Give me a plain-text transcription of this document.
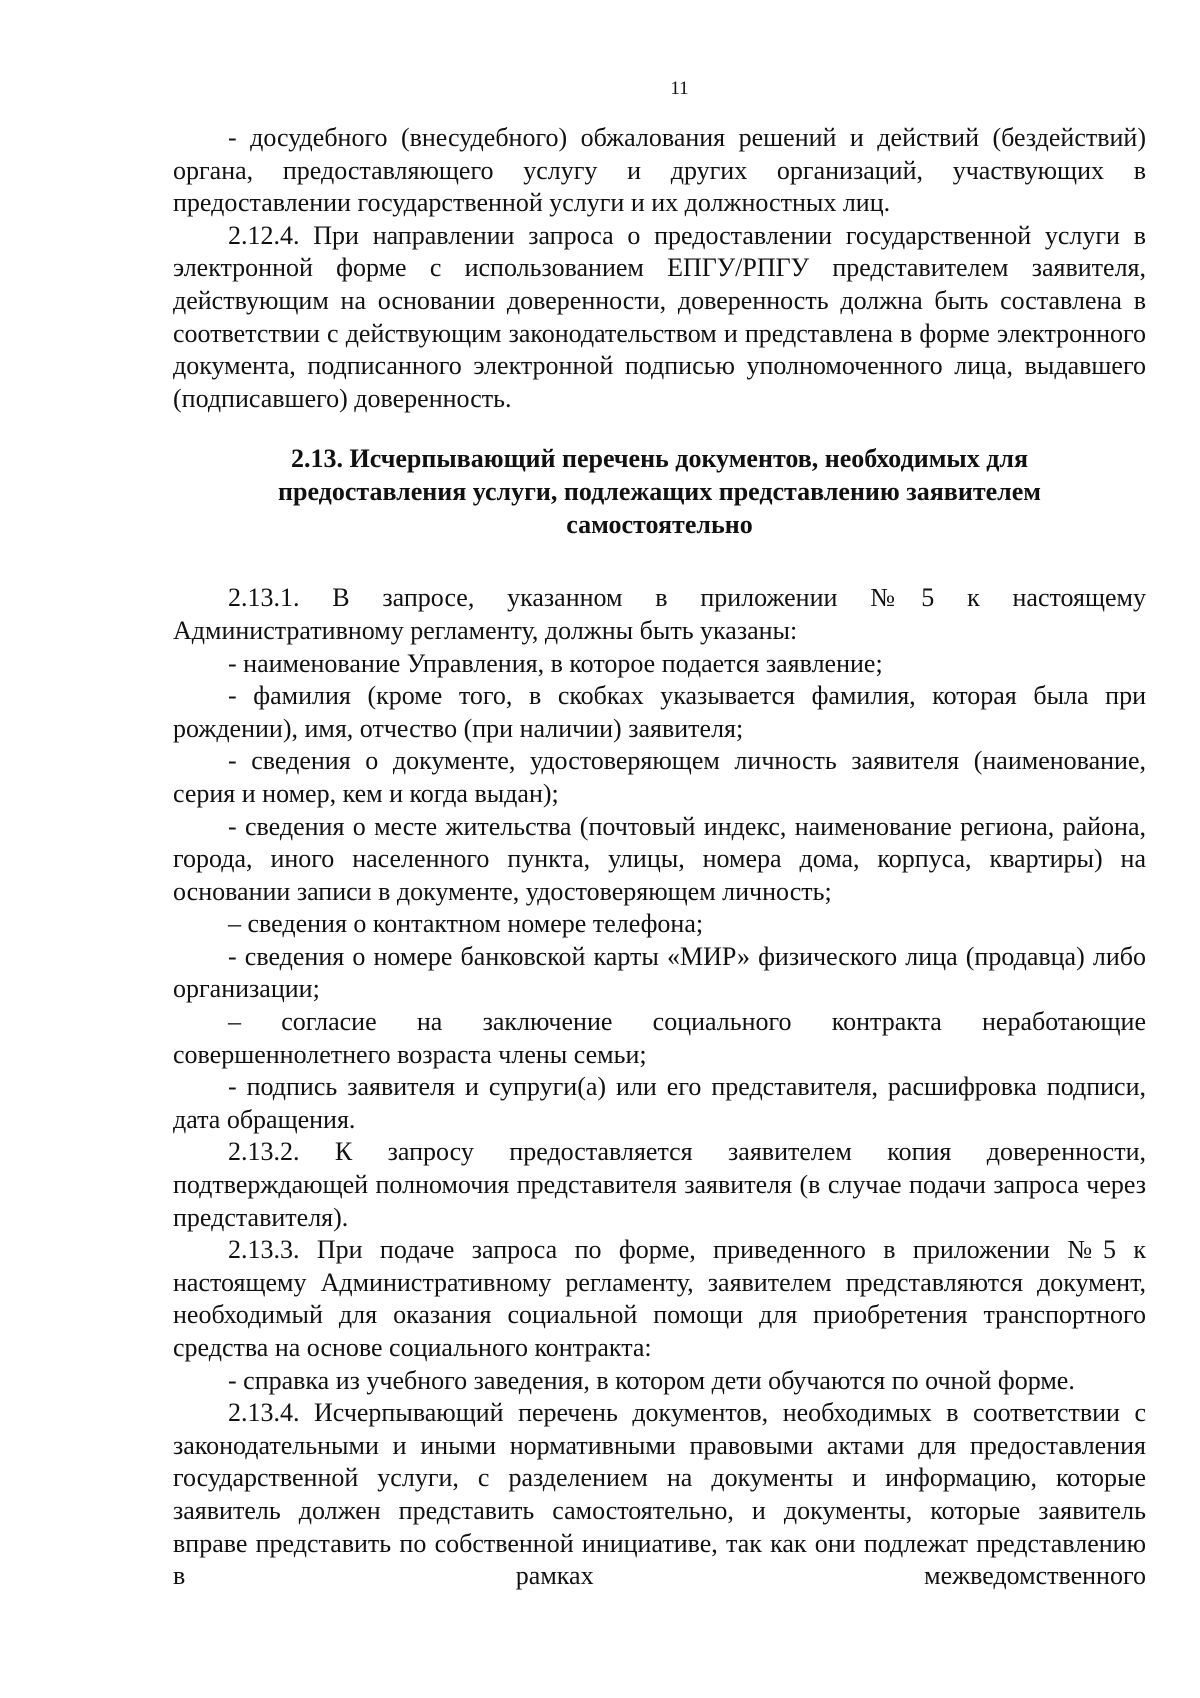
11

- досудебного (внесудебного) обжалования решений и действий (бездействий) органа, предоставляющего услугу и других организаций, участвующих в предоставлении государственной услуги и их должностных лиц.

2.12.4. При направлении запроса о предоставлении государственной услуги в электронной форме с использованием ЕПГУ/РПГУ представителем заявителя, действующим на основании доверенности, доверенность должна быть составлена в соответствии с действующим законодательством и представлена в форме электронного документа, подписанного электронной подписью уполномоченного лица, выдавшего (подписавшего) доверенность.

2.13. Исчерпывающий перечень документов, необходимых для
предоставления услуги, подлежащих представлению заявителем
самостоятельно

2.13.1. В запросе, указанном в приложении №5 к настоящему Административному регламенту, должны быть указаны:

- наименование Управления, в которое подается заявление;

- фамилия (кроме того, в скобках указывается фамилия, которая была при рождении), имя, отчество (при наличии) заявителя;

- сведения о документе, удостоверяющем личность заявителя (наименование, серия и номер, кем и когда выдан);

- сведения о месте жительства (почтовый индекс, наименование региона, района, города, иного населенного пункта, улицы, номера дома, корпуса, квартиры) на основании записи в документе, удостоверяющем личность;

– сведения о контактном номере телефона;

- сведения о номере банковской карты «МИР» физического лица (продавца) либо организации;

– согласие на заключение социального контракта неработающие совершеннолетнего возраста члены семьи;

- подпись заявителя и супруги(а) или его представителя, расшифровка подписи, дата обращения.

2.13.2. К запросу предоставляется заявителем копия доверенности, подтверждающей полномочия представителя заявителя (в случае подачи запроса через представителя).

2.13.3. При подаче запроса по форме, приведенного в приложении №5 к настоящему Административному регламенту, заявителем представляются документ, необходимый для оказания социальной помощи для приобретения транспортного средства на основе социального контракта:

- справка из учебного заведения, в котором дети обучаются по очной форме.

2.13.4. Исчерпывающий перечень документов, необходимых в соответствии с законодательными и иными нормативными правовыми актами для предоставления государственной услуги, с разделением на документы и информацию, которые заявитель должен представить самостоятельно, и документы, которые заявитель вправе представить по собственной инициативе, так как они подлежат представлению в рамках межведомственного
